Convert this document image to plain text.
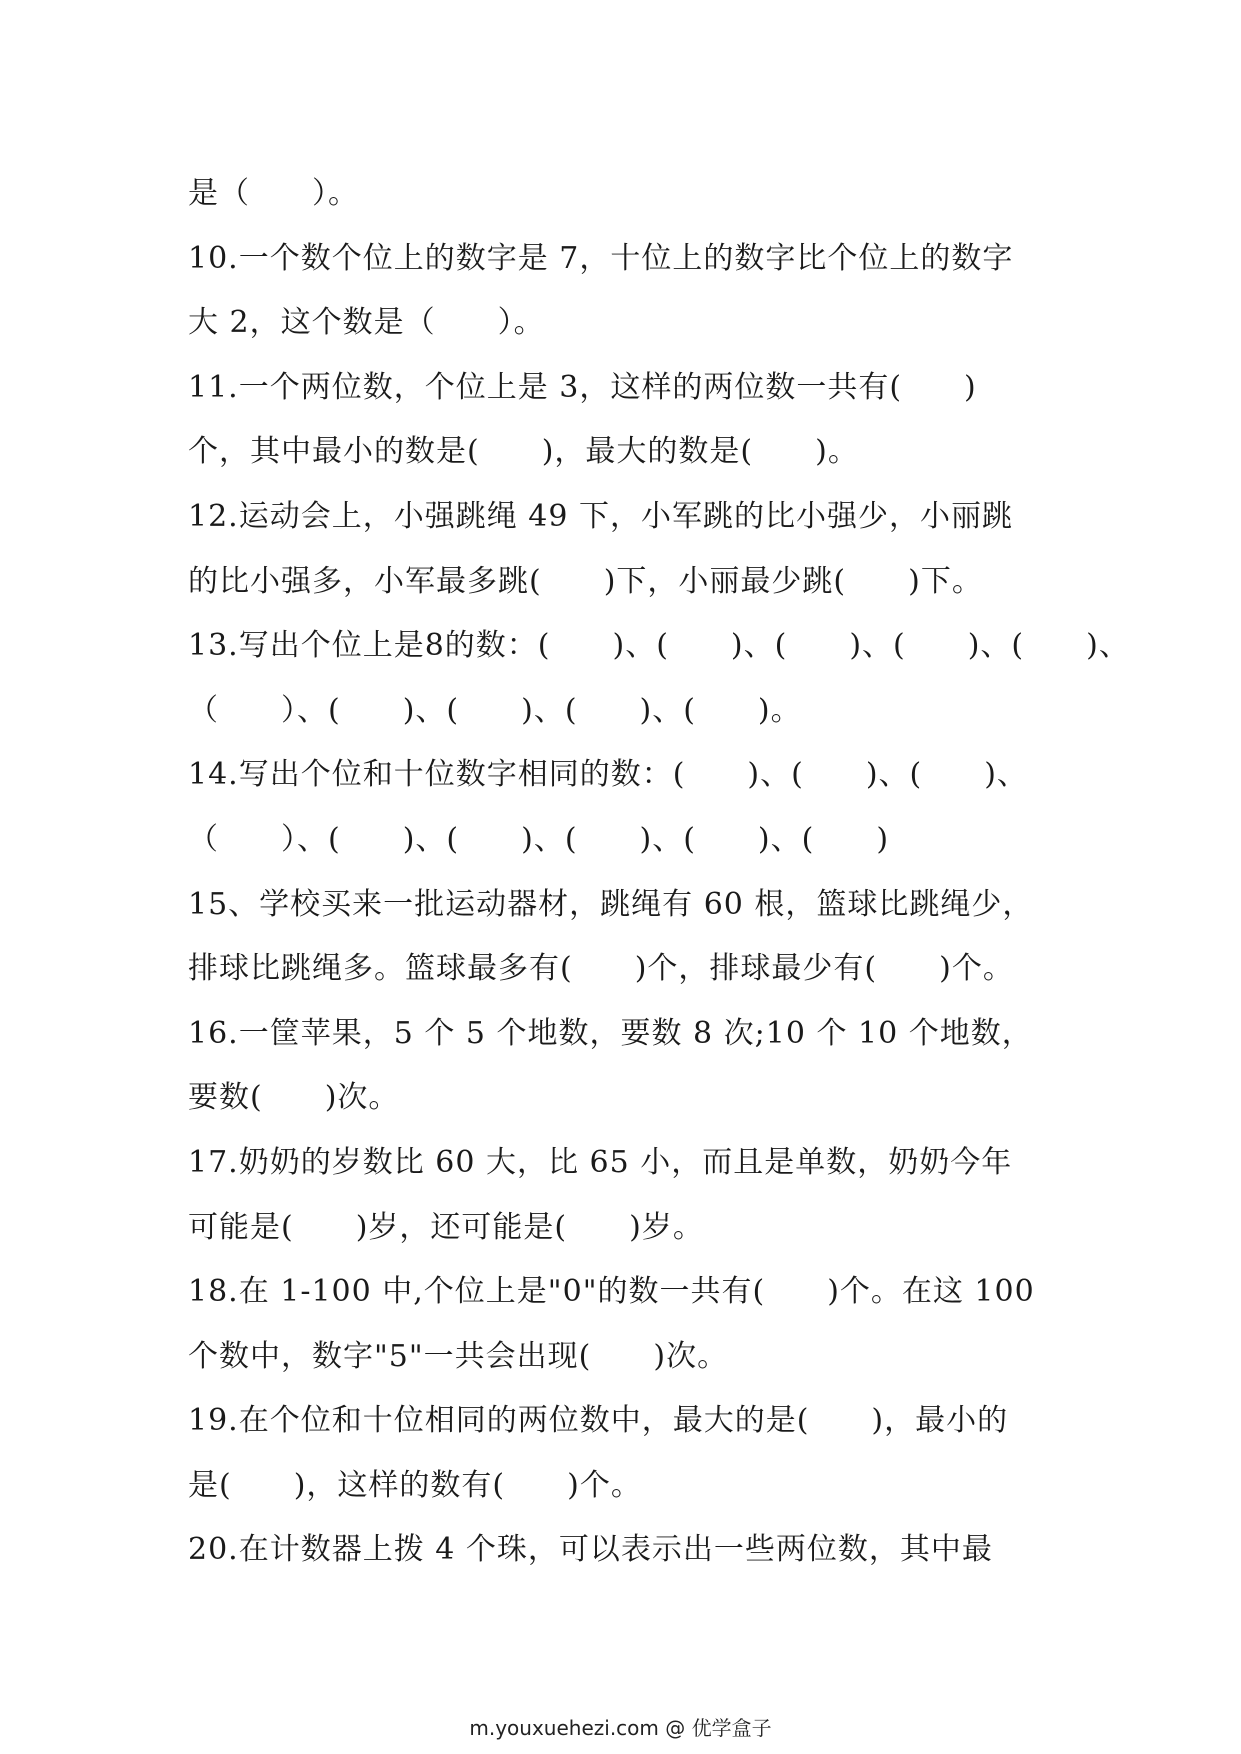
是（　　）。
10.一个数个位上的数字是 7，十位上的数字比个位上的数字
大 2，这个数是（　　）。
11.一个两位数，个位上是 3，这样的两位数一共有(　　)
个，其中最小的数是(　　)，最大的数是(　　)。
12.运动会上，小强跳绳 49 下，小军跳的比小强少，小丽跳
的比小强多，小军最多跳(　　)下，小丽最少跳(　　)下。
13.写出个位上是8的数：(　　)、(　　)、(　　)、(　　)、(　　)、
（　　）、(　　)、(　　)、(　　)、(　　)。
14.写出个位和十位数字相同的数：(　　)、(　　)、(　　)、
（　　）、(　　)、(　　)、(　　)、(　　)、(　　)
15、学校买来一批运动器材，跳绳有 60 根，篮球比跳绳少，
排球比跳绳多。篮球最多有(　　)个，排球最少有(　　)个。
16.一筐苹果，5 个 5 个地数，要数 8 次;10 个 10 个地数，
要数(　　)次。
17.奶奶的岁数比 60 大，比 65 小，而且是单数，奶奶今年
可能是(　　)岁，还可能是(　　)岁。
18.在 1-100 中,个位上是"0"的数一共有(　　)个。在这 100
个数中，数字"5"一共会出现(　　)次。
19.在个位和十位相同的两位数中，最大的是(　　)，最小的
是(　　)，这样的数有(　　)个。
20.在计数器上拨 4 个珠，可以表示出一些两位数，其中最
m.youxuehezi.com @ 优学盒子
